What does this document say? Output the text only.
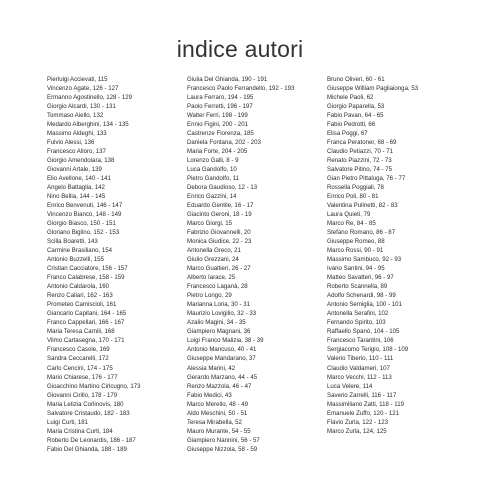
indice autori
Pierluigi Accievati, 115
Vincenzo Agate, 126 - 127
Ermanno Agostinello, 128 - 129
Giorgio Alcardi, 130 - 131
Tommaso Aiello, 132
Medardo Alberghini, 134 - 135
Massimo Aldeghi, 133
Fulvio Alessi, 136
Francesco Alloro, 137
Giorgio Amendolara, 138
Giovanni Artale, 139
Elio Avellone, 140 - 141
Angelo Battaglia, 142
Nino Bellia, 144 - 145
Enrico Benvenuti, 146 - 147
Vincenzo Bianco, 148 - 149
Giorgio Biasco, 150 - 151
Gloriano Biglino, 152 - 153
Scilla Boaretti, 143
Carmine Brasiliano, 154
Antonio Buzzelli, 155
Cristian Cacciatore, 156 - 157
Franco Calabrese, 158 - 159
Antonio Caldarola, 160
Renzo Caliari, 162 - 163
Prometeo Camiscioli, 161
Giancarlo Capitani, 164 - 165
Franco Cappellari, 166 - 167
Maria Teresa Carnili, 168
Vilmo Cartasegna, 170 - 171
Francesco Casole, 169
Sandra Ceccarelli, 172
Carlo Cencini, 174 - 175
Mario Chiarese, 176 - 177
Gioacchino Martino Cirlcugno, 173
Giovanni Cirillo, 178 - 179
Maria Letizia Corlinovis, 180
Salvatore Cristaudo, 182 - 183
Luigi Curti, 181
Maria Cristina Curti, 184
Roberto De Leonardis, 186 - 187
Fabio Del Ghianda, 188 - 189
Giulia Del Ghianda, 190 - 191
Francesco Paolo Ferrandello, 192 - 193
Laura Ferraro, 194 - 195
Paolo Ferretti, 196 - 197
Walter Ferri, 198 - 199
Ennio Figini, 200 - 201
Castrenze Fiorenza, 185
Daniela Fontana, 202 - 203
Maria Forte, 204 - 205
Lorenzo Galli, 8 - 9
Luca Gandolfo, 10
Pietro Gandolfo, 11
Debora Gaudioso, 12 - 13
Enrico Gazzini, 14
Eduardo Gentile, 16 - 17
Giacinto Geroni, 18 - 19
Marco Giorgi, 15
Fabrizio Giovannelli, 20
Monica Giudice, 22 - 23
Antonella Greco, 21
Giulio Grezzani, 24
Marco Gualtieri, 26 - 27
Alberto Iarace, 25
Francesco Laganà, 28
Pietro Longo, 29
Marianna Loria, 30 - 31
Maurizio Lovigilio, 32 - 33
Azalio Magini, 34 - 35
Giampiero Magnani, 36
Luigi Franco Malizia, 38 - 39
Antonio Mancuso, 40 - 41
Giuseppe Mandarano, 37
Alessia Marini, 42
Gerardo Marzano, 44 - 45
Renzo Mazzola, 46 - 47
Fabio Medici, 43
Marco Merello, 48 - 49
Aldo Meschini, 50 - 51
Teresa Mirabella, 52
Mauro Murante, 54 - 55
Giampiero Nannini, 56 - 57
Giuseppe Nizzola, 58 - 59
Bruno Oliveri, 60 - 61
Giuseppe William Pagliaionga, 53
Michele Paoli, 62
Giorgio Paparella, 53
Fabio Pavan, 64 - 65
Fabio Pedrotti, 66
Elisa Poggi, 67
Franca Peratoner, 68 - 69
Claudio Petiazzi, 70 - 71
Renato Piazzini, 72 - 73
Salvatore Pitino, 74 - 75
Gian Pietro Pittaluga, 76 - 77
Rossella Poggiali, 78
Enrico Poli, 80 - 81
Valentina Pulinetti, 82 - 83
Laura Quieti, 79
Marco Re, 84 - 85
Stefano Romano, 86 - 87
Giuseppe Romeo, 88
Marco Rossi, 90 - 91
Massimo Sambuco, 92 - 93
Ivano Santini, 94 - 95
Matteo Savatteri, 96 - 97
Roberto Scannella, 89
Adolfo Schenardi, 98 - 99
Antonio Semiglia, 100 - 101
Antonella Serafini, 102
Fernando Spirito, 103
Raffaello Spanò, 104 - 105
Francesco Tarantini, 106
Sergiacomo Terigio, 108 - 109
Valerio Tiberio, 110 - 111
Claudio Valdameri, 107
Marco Vecchi, 112 - 113
Luca Velere, 114
Saverio Zarrelli, 116 - 117
Massimiliano Zatti, 118 - 119
Emanuele Zuffo, 120 - 121
Flavio Zurla, 122 - 123
Marco Zurla, 124, 125
